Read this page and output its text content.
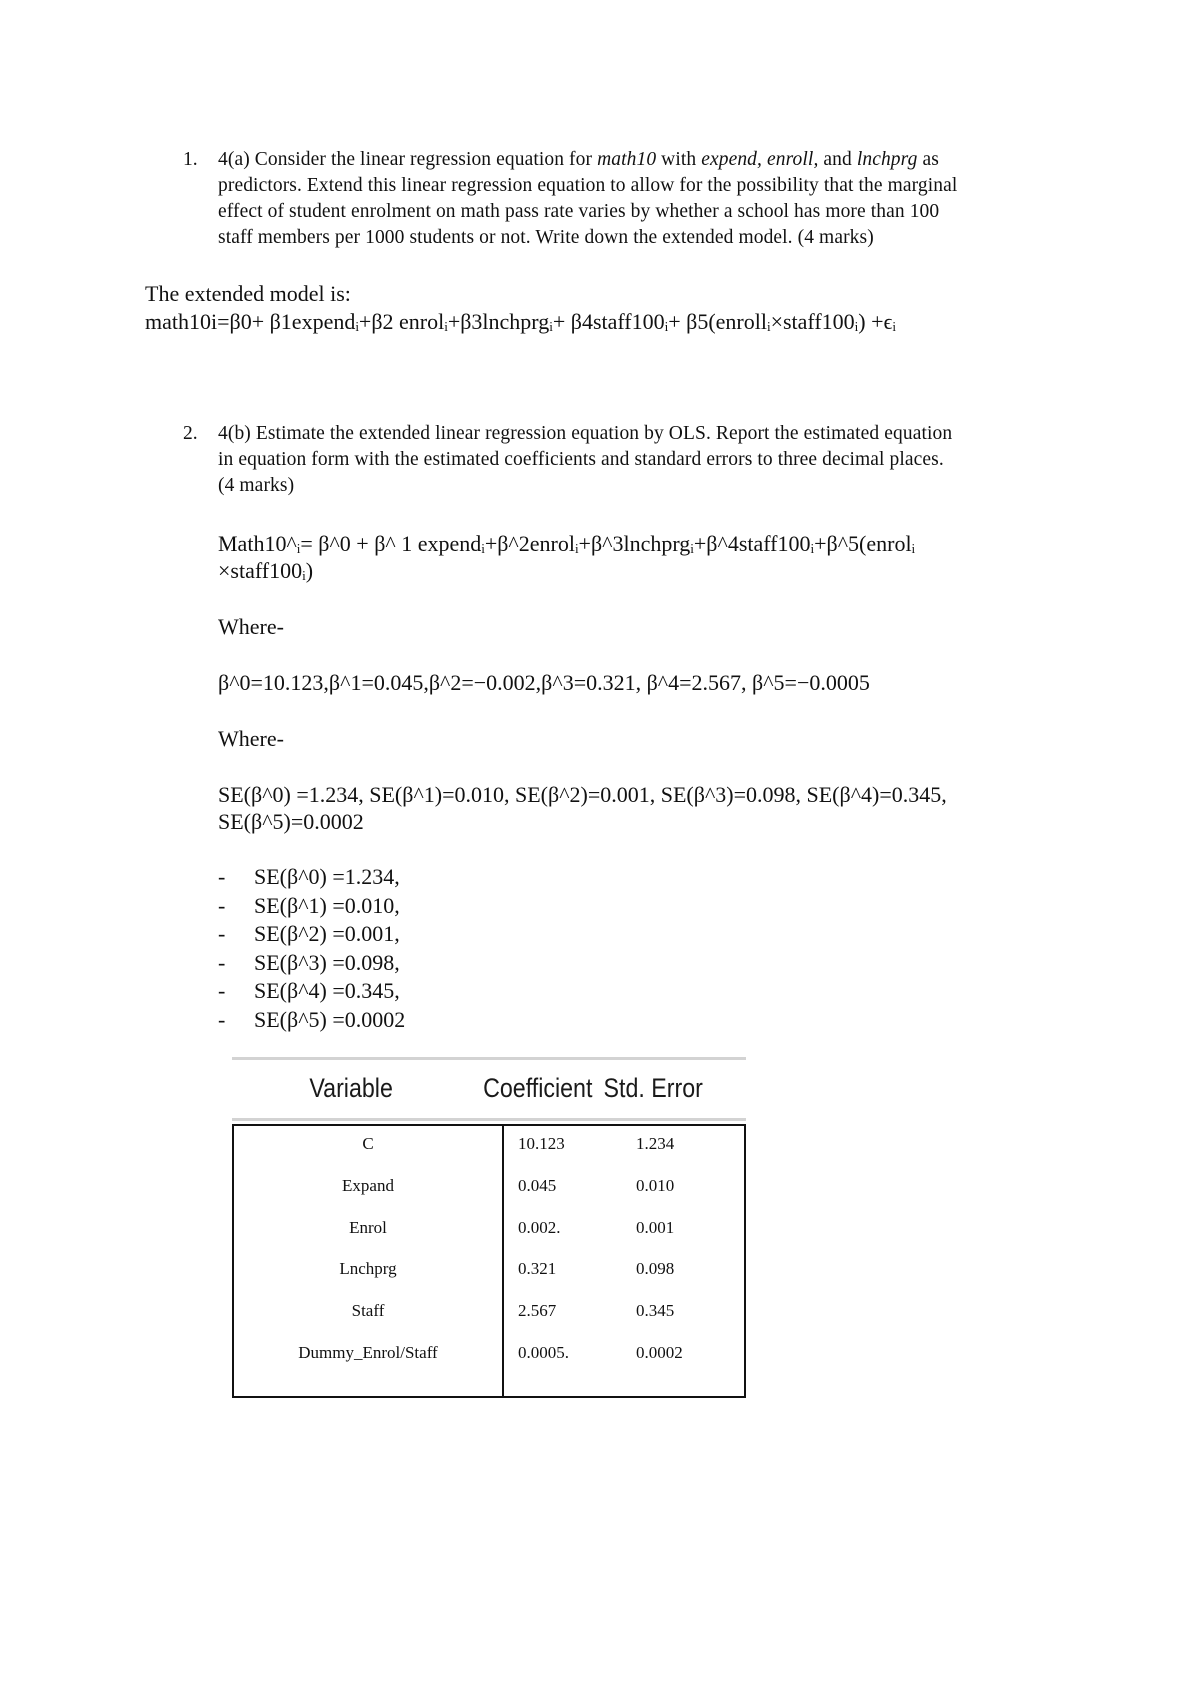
1. 4(a) Consider the linear regression equation for math10 with expend, enroll, and lnchprg as
predictors. Extend this linear regression equation to allow for the possibility that the marginal
effect of student enrolment on math pass rate varies by whether a school has more than 100
staff members per 1000 students or not. Write down the extended model. (4 marks)
The extended model is:
math10i=β0+ β1expendᵢ+β2 enrolᵢ+β3lnchprgᵢ+ β4staff100ᵢ+ β5(enrollᵢ×staff100ᵢ) +ϵᵢ
2. 4(b) Estimate the extended linear regression equation by OLS. Report the estimated equation
in equation form with the estimated coefficients and standard errors to three decimal places.
(4 marks)
Math10^ᵢ= β^0 + β^ 1 expendᵢ+β^2enrolᵢ+β^3lnchprgᵢ+β^4staff100ᵢ+β^5(enrolᵢ
×staff100ᵢ)
Where-
β^0=10.123,β^1=0.045,β^2=−0.002,β^3=0.321, β^4=2.567, β^5=−0.0005
Where-
SE(β^0) =1.234, SE(β^1)=0.010, SE(β^2)=0.001, SE(β^3)=0.098, SE(β^4)=0.345,
SE(β^5)=0.0002
- SE(β^0) =1.234,
- SE(β^1) =0.010,
- SE(β^2) =0.001,
- SE(β^3) =0.098,
- SE(β^4) =0.345,
- SE(β^5) =0.0002
Variable	Coefficient Std. Error
C	10.123	1.234
Expand	0.045	0.010
Enrol	0.002.	0.001
Lnchprg	0.321	0.098
Staff	2.567	0.345
Dummy_Enrol/Staff	0.0005.	0.0002
